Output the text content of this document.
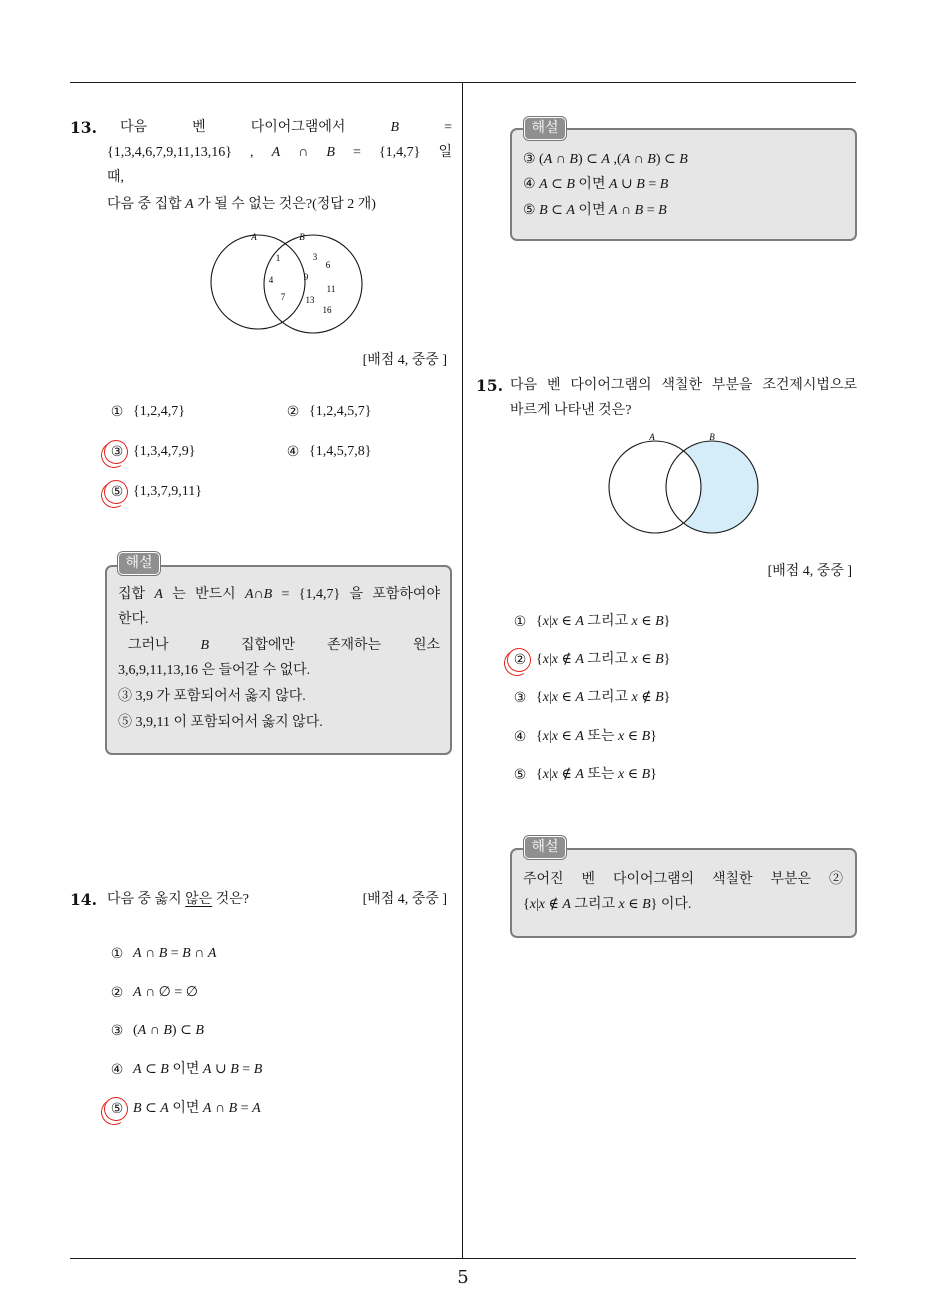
13. 다음 벤 다이어그램에서 B =
{1,3,4,6,7,9,11,13,16} , A ∩ B = {1,4,7} 일
때,
다음 중 집합 A 가 될 수 없는 것은?(정답 2 개)
A	B
1
4
7
3
6
9
11
13
16
[배점 4, 중중 ]
① {1,2,4,7}	② {1,2,4,5,7}
③ {1,3,4,7,9}	④ {1,4,5,7,8}
⑤ {1,3,7,9,11}
해설
집합 A 는 반드시 A∩B = {1,4,7} 을 포함하여야
한다.
그러나 B 집합에만 존재하는 원소
3,6,9,11,13,16 은 들어갈 수 없다.
③ 3,9 가 포함되어서 옳지 않다.
⑤ 3,9,11 이 포함되어서 옳지 않다.
14. 다음 중 옳지 않은 것은?	[배점 4, 중중 ]
① A ∩ B = B ∩ A
② A ∩ ∅ = ∅
③ (A ∩ B) ⊂ B
④ A ⊂ B 이면 A ∪ B = B
⑤ B ⊂ A 이면 A ∩ B = A
해설
③ (A ∩ B) ⊂ A ,(A ∩ B) ⊂ B
④ A ⊂ B 이면 A ∪ B = B
⑤ B ⊂ A 이면 A ∩ B = B
15. 다음 벤 다이어그램의 색칠한 부분을 조건제시법으로
바르게 나타낸 것은?
A	B
[배점 4, 중중 ]
① {x|x ∈ A 그리고 x ∈ B}
② {x|x ∉ A 그리고 x ∈ B}
③ {x|x ∈ A 그리고 x ∉ B}
④ {x|x ∈ A 또는 x ∈ B}
⑤ {x|x ∉ A 또는 x ∈ B}
해설
주어진 벤 다이어그램의 색칠한 부분은 ②
{x|x ∉ A 그리고 x ∈ B} 이다.
5
